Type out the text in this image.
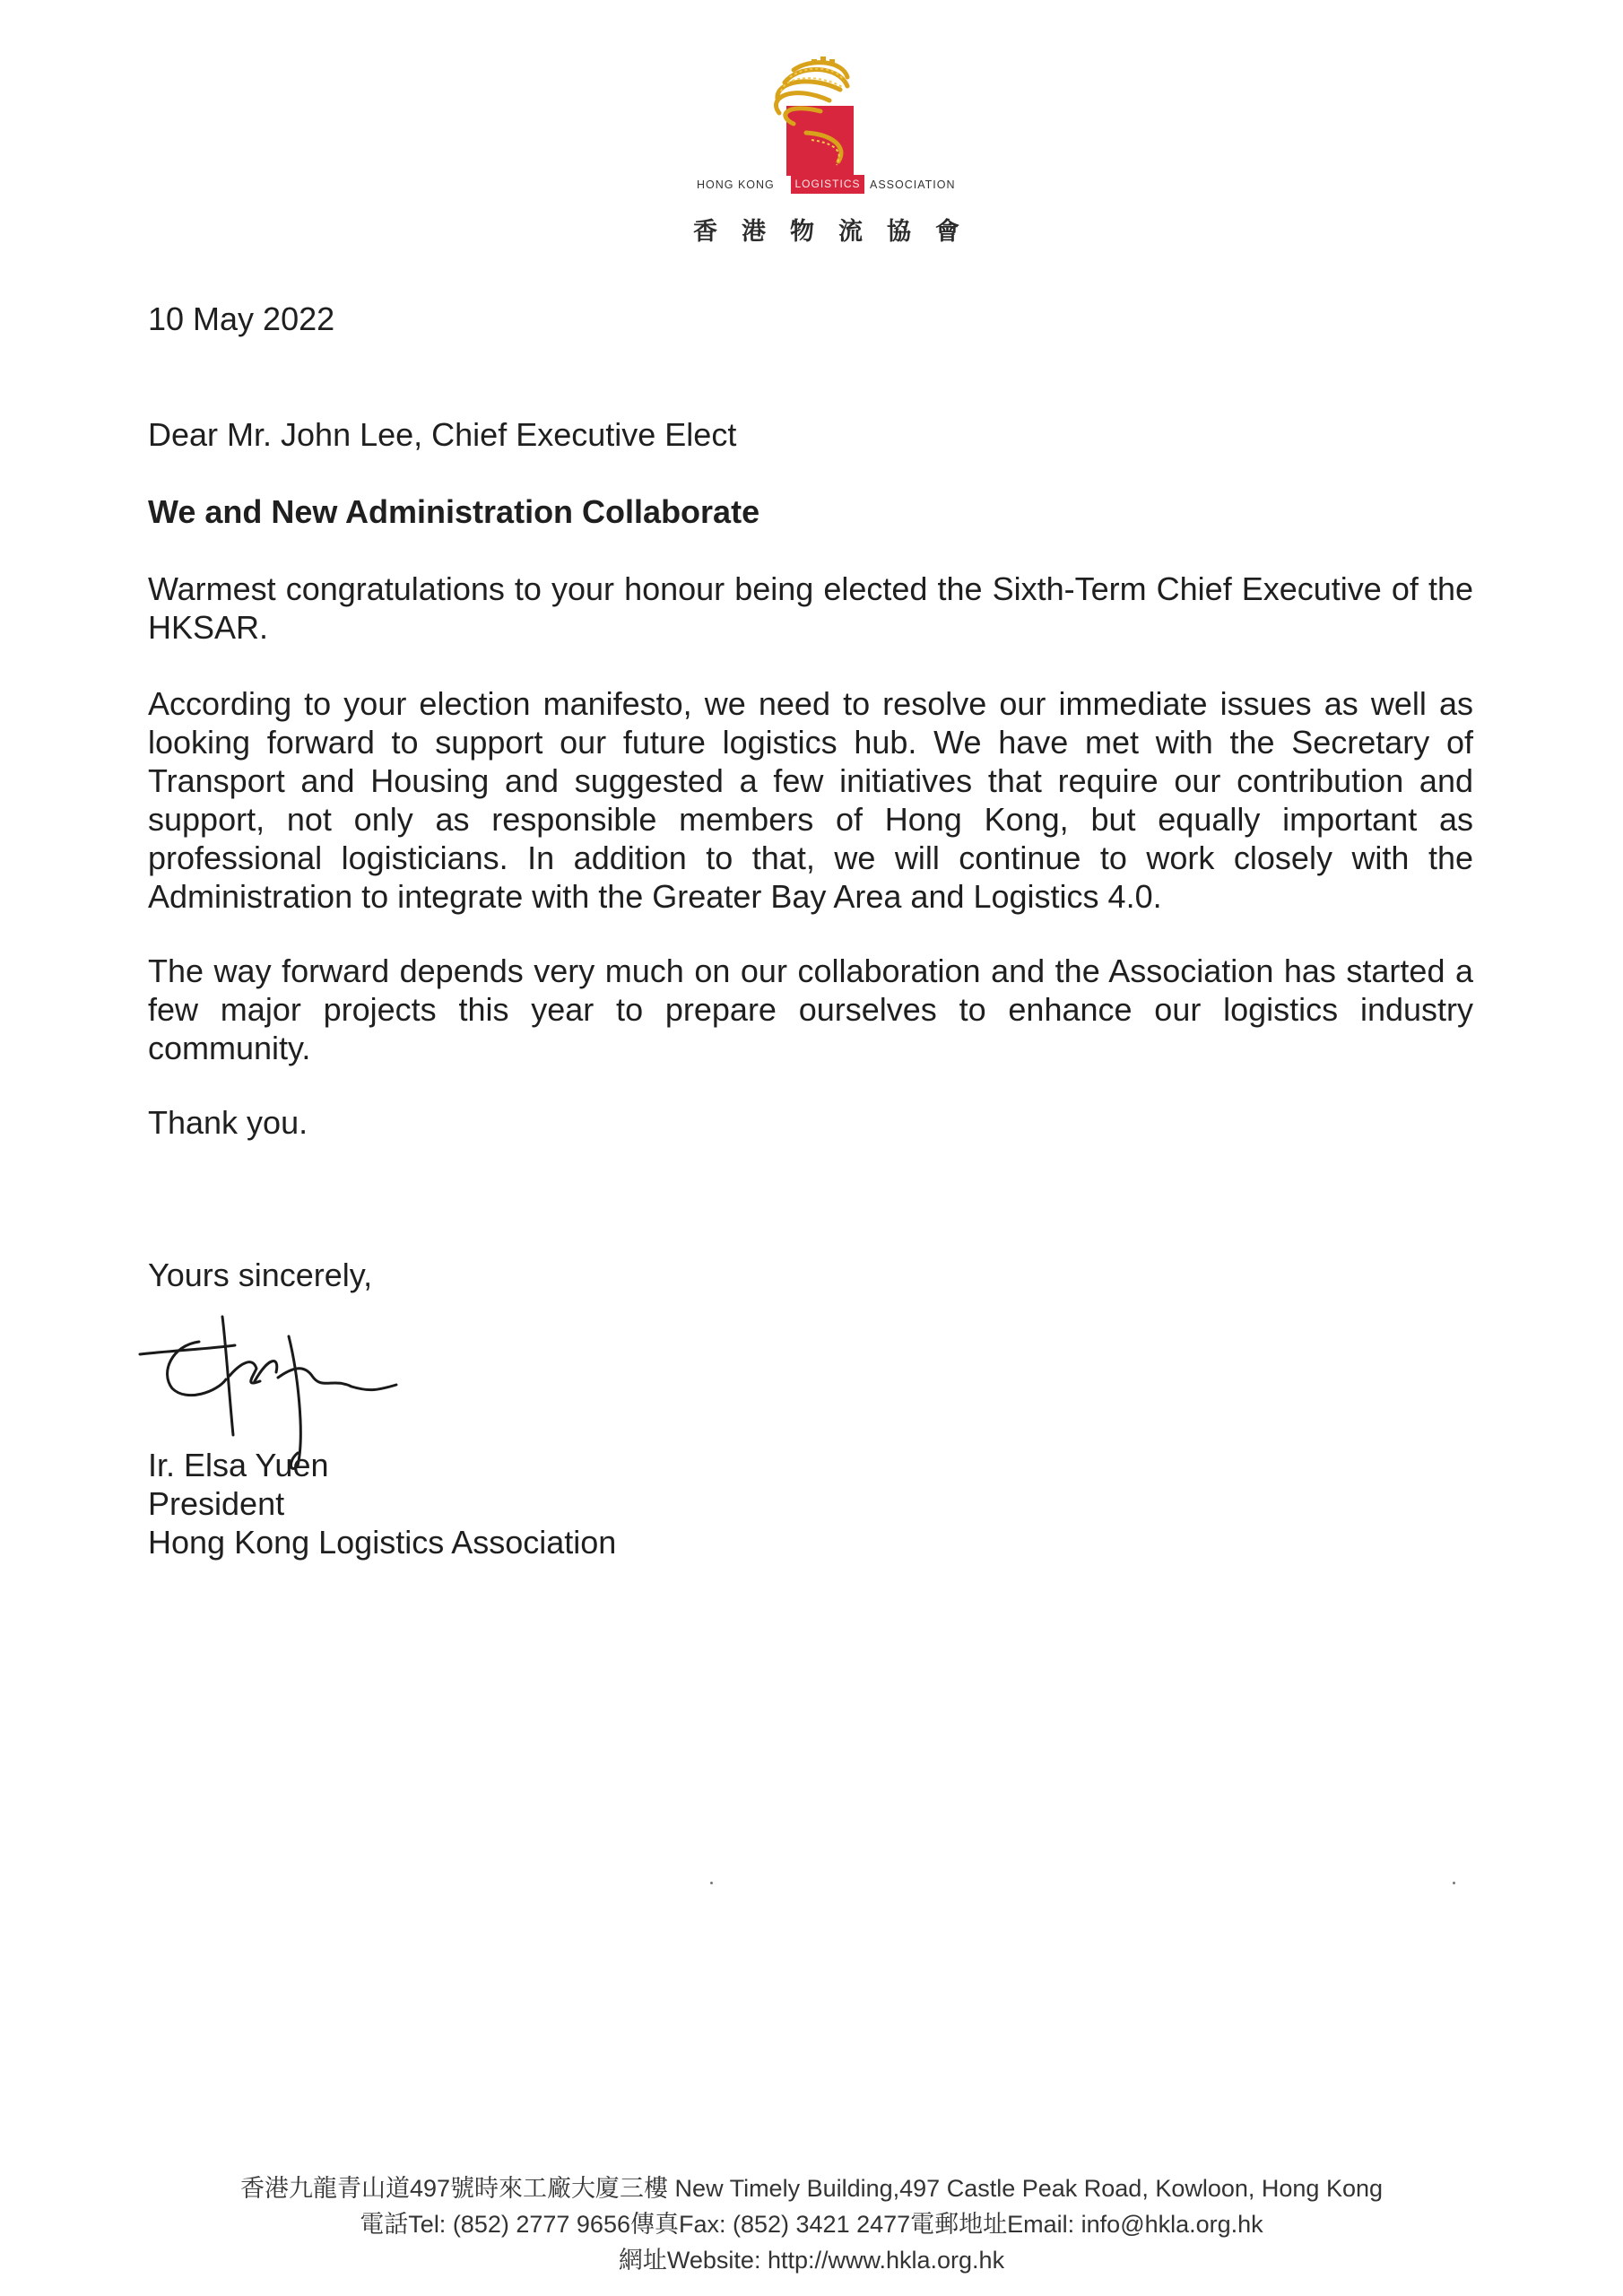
HONG KONG	LOGISTICS ASSOCIATION
香港物流協會

10 May 2022

Dear Mr. John Lee, Chief Executive Elect

We and New Administration Collaborate

Warmest congratulations to your honour being elected the Sixth-Term Chief Executive of the HKSAR.

According to your election manifesto, we need to resolve our immediate issues as well as looking forward to support our future logistics hub. We have met with the Secretary of Transport and Housing and suggested a few initiatives that require our contribution and support, not only as responsible members of Hong Kong, but equally important as professional logisticians. In addition to that, we will continue to work closely with the Administration to integrate with the Greater Bay Area and Logistics 4.0.

The way forward depends very much on our collaboration and the Association has started a few major projects this year to prepare ourselves to enhance our logistics industry community.

Thank you.

Yours sincerely,

Ir. Elsa Yuen

President

Hong Kong Logistics Association

香港九龍青山道497號時來工廠大廈三樓 New Timely Building,497 Castle Peak Road, Kowloon, Hong Kong
電話Tel: (852) 2777 9656傳真Fax: (852) 3421 2477電郵地址Email: info@hkla.org.hk
網址Website: http://www.hkla.org.hk
